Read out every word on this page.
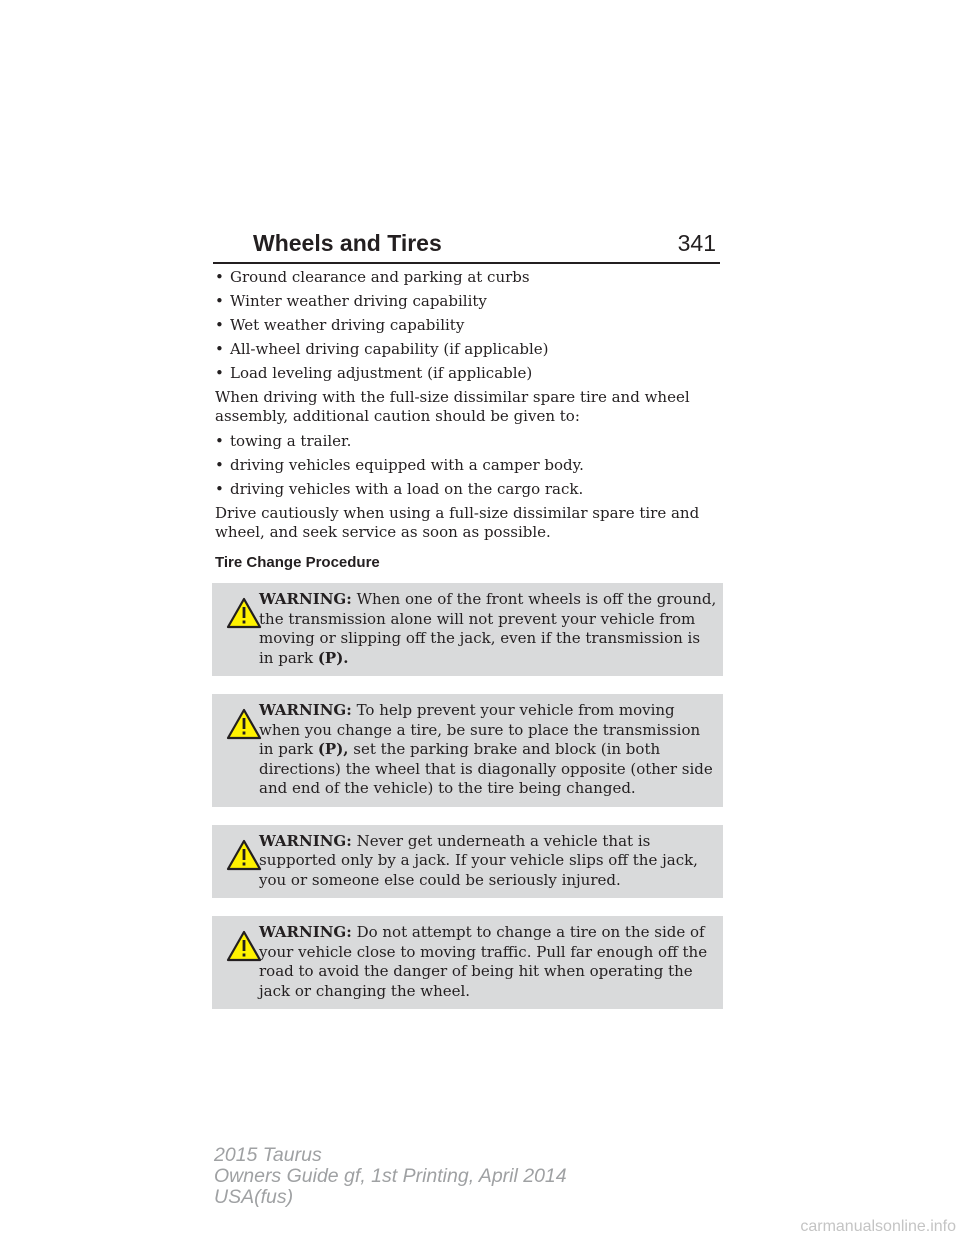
Wheels and Tires	341
• Ground clearance and parking at curbs
• Winter weather driving capability
• Wet weather driving capability
• All-wheel driving capability (if applicable)
• Load leveling adjustment (if applicable)

When driving with the full-size dissimilar spare tire and wheel assembly, additional caution should be given to:

• towing a trailer.
• driving vehicles equipped with a camper body.
• driving vehicles with a load on the cargo rack.

Drive cautiously when using a full-size dissimilar spare tire and wheel, and seek service as soon as possible.

Tire Change Procedure
WARNING: When one of the front wheels is off the ground, the transmission alone will not prevent your vehicle from moving or slipping off the jack, even if the transmission is in park (P).
WARNING: To help prevent your vehicle from moving when you change a tire, be sure to place the transmission in park (P), set the parking brake and block (in both directions) the wheel that is diagonally opposite (other side and end of the vehicle) to the tire being changed.
WARNING: Never get underneath a vehicle that is supported only by a jack. If your vehicle slips off the jack, you or someone else could be seriously injured.
WARNING: Do not attempt to change a tire on the side of your vehicle close to moving traffic. Pull far enough off the road to avoid the danger of being hit when operating the jack or changing the wheel.
2015 Taurus
Owners Guide gf, 1st Printing, April 2014
USA(fus)
carmanualsonline.info
